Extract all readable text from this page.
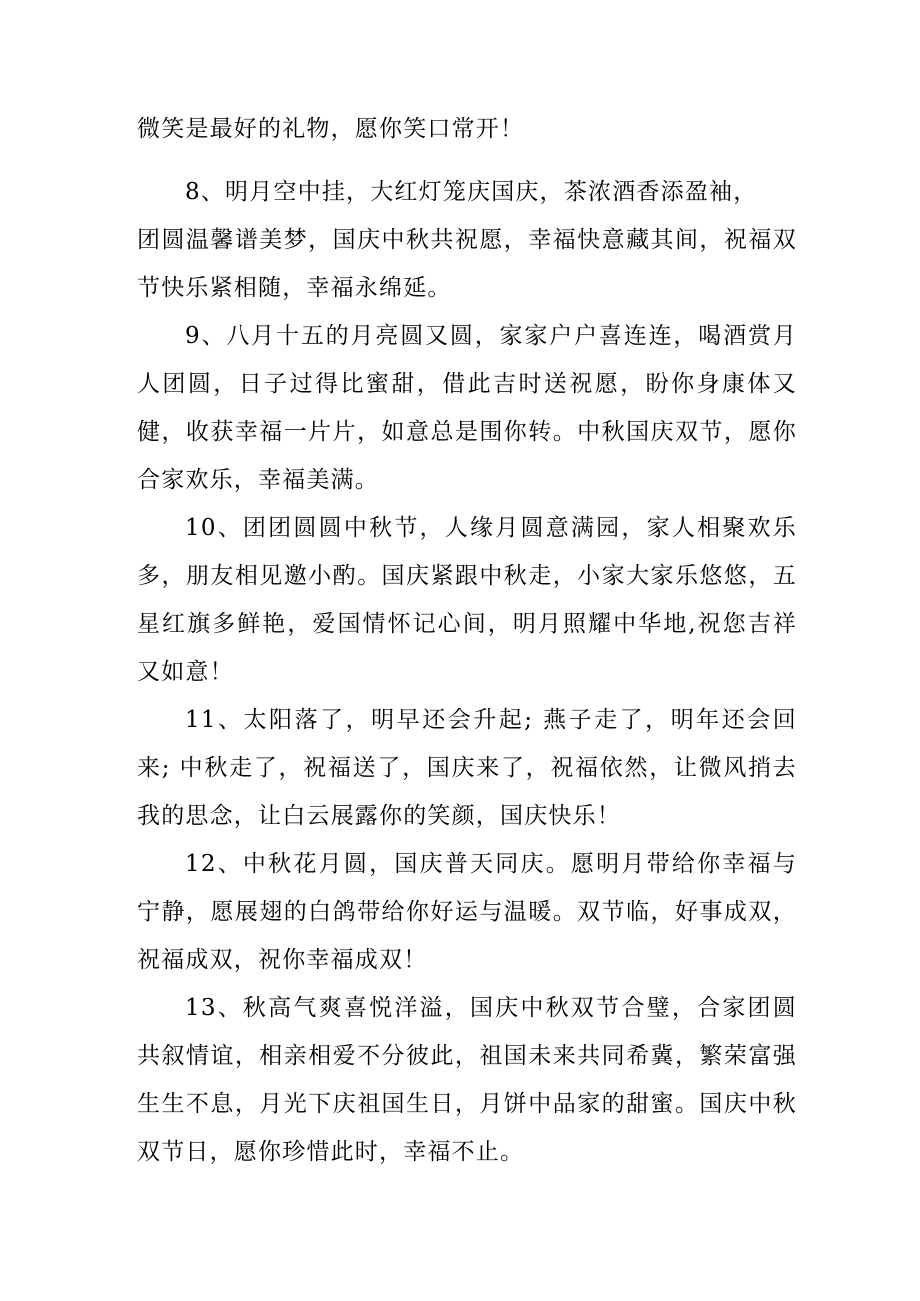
微笑是最好的礼物，愿你笑口常开！

8、明月空中挂，大红灯笼庆国庆，茶浓酒香添盈袖，

团圆温馨谱美梦，国庆中秋共祝愿，幸福快意藏其间，祝福双节快乐紧相随，幸福永绵延。

9、八月十五的月亮圆又圆，家家户户喜连连，喝酒赏月人团圆，日子过得比蜜甜，借此吉时送祝愿，盼你身康体又健，收获幸福一片片，如意总是围你转。中秋国庆双节，愿你合家欢乐，幸福美满。

10、团团圆圆中秋节，人缘月圆意满园，家人相聚欢乐多，朋友相见邀小酌。国庆紧跟中秋走，小家大家乐悠悠，五星红旗多鲜艳，爱国情怀记心间，明月照耀中华地,祝您吉祥又如意！

11、太阳落了，明早还会升起; 燕子走了，明年还会回来; 中秋走了，祝福送了，国庆来了，祝福依然，让微风捎去我的思念，让白云展露你的笑颜，国庆快乐！

12、中秋花月圆，国庆普天同庆。愿明月带给你幸福与宁静，愿展翅的白鸽带给你好运与温暖。双节临，好事成双，祝福成双，祝你幸福成双！

13、秋高气爽喜悦洋溢，国庆中秋双节合璧，合家团圆共叙情谊，相亲相爱不分彼此，祖国未来共同希冀，繁荣富强生生不息，月光下庆祖国生日，月饼中品家的甜蜜。国庆中秋双节日，愿你珍惜此时，幸福不止。
